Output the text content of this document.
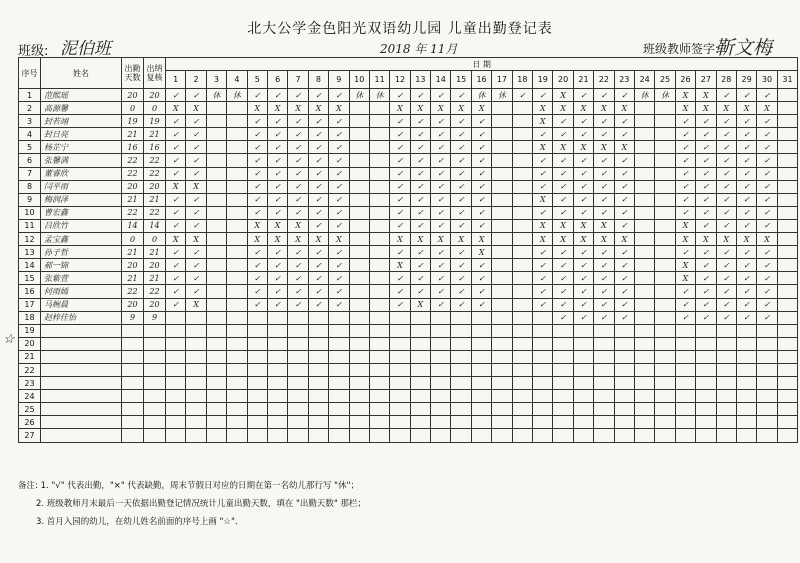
北大公学金色阳光双语幼儿园 儿童出勤登记表
班级: 泥伯班	2018 年 11月	班级教师签字:
靳文梅
☆
序号	姓名	出勤天数	出纳复核	日 期																														
				1	2	3	4	5	6	7	8	9	10	11	12	13	14	15	16	17	18	19	20	21	22	23	24	25	26	27	28	29	30	31
1	范熙瑶	20	20	✓	✓	休	休	✓	✓	✓	✓	✓	休	休	✓	✓	✓	✓	休	休	✓	✓	X	✓	✓	✓	休	休	X	X	✓	✓	✓	
2	高源馨	0	0	X	X			X	X	X	X	X			X	X	X	X	X			X	X	X	X	X			X	X	X	X	X	
3	封若翊	19	19	✓	✓			✓	✓	✓	✓	✓			✓	✓	✓	✓	✓			X	✓	✓	✓	✓			✓	✓	✓	✓	✓	
4	封日亮	21	21	✓	✓			✓	✓	✓	✓	✓			✓	✓	✓	✓	✓			✓	✓	✓	✓	✓			✓	✓	✓	✓	✓	
5	杨芷宁	16	16	✓	✓			✓	✓	✓	✓	✓			✓	✓	✓	✓	✓			X	X	X	X	X			✓	✓	✓	✓	✓	
6	张馨满	22	22	✓	✓			✓	✓	✓	✓	✓			✓	✓	✓	✓	✓			✓	✓	✓	✓	✓			✓	✓	✓	✓	✓	
7	董睿欣	22	22	✓	✓			✓	✓	✓	✓	✓			✓	✓	✓	✓	✓			✓	✓	✓	✓	✓			✓	✓	✓	✓	✓	
8	闫平雨	20	20	X	X			✓	✓	✓	✓	✓			✓	✓	✓	✓	✓			✓	✓	✓	✓	✓			✓	✓	✓	✓	✓	
9	梅润泽	21	21	✓	✓			✓	✓	✓	✓	✓			✓	✓	✓	✓	✓			X	✓	✓	✓	✓			✓	✓	✓	✓	✓	
10	曹宏鑫	22	22	✓	✓			✓	✓	✓	✓	✓			✓	✓	✓	✓	✓			✓	✓	✓	✓	✓			✓	✓	✓	✓	✓	
11	吕欣竹	14	14	✓	✓			X	X	X	✓	✓			✓	✓	✓	✓	✓			X	X	X	X	✓			X	✓	✓	✓	✓	
12	孟宝鑫	0	0	X	X			X	X	X	X	X			X	X	X	X	X			X	X	X	X	X			X	X	X	X	X	
13	孙子哲	21	21	✓	✓			✓	✓	✓	✓	✓			✓	✓	✓	✓	X			✓	✓	✓	✓	✓			✓	✓	✓	✓	✓	
14	郝一锦	20	20	✓	✓			✓	✓	✓	✓	✓			X	✓	✓	✓	✓			✓	✓	✓	✓	✓			X	✓	✓	✓	✓	
15	张紫萱	21	21	✓	✓			✓	✓	✓	✓	✓			✓	✓	✓	✓	✓			✓	✓	✓	✓	✓			X	✓	✓	✓	✓	
16	何雨嫣	22	22	✓	✓			✓	✓	✓	✓	✓			✓	✓	✓	✓	✓			✓	✓	✓	✓	✓			✓	✓	✓	✓	✓	
17	马婉晨	20	20	✓	X			✓	✓	✓	✓	✓			✓	X	✓	✓	✓			✓	✓	✓	✓	✓			✓	✓	✓	✓	✓	
18	赵梓佳怡	9	9																				✓	✓	✓	✓			✓	✓	✓	✓	✓	
19																																		
20																																		
21																																		
22																																		
23																																		
24																																		
25																																		
26																																		
27																																		
备注: 1. "√" 代表出勤，"×" 代表缺勤，周末节假日对应的日期在第一名幼儿那行写 "休"；
2. 班级教师月末最后一天依据出勤登记情况统计儿童出勤天数，填在 "出勤天数" 那栏；
3. 首月入园的幼儿，在幼儿姓名前面的序号上画 "☆"．
